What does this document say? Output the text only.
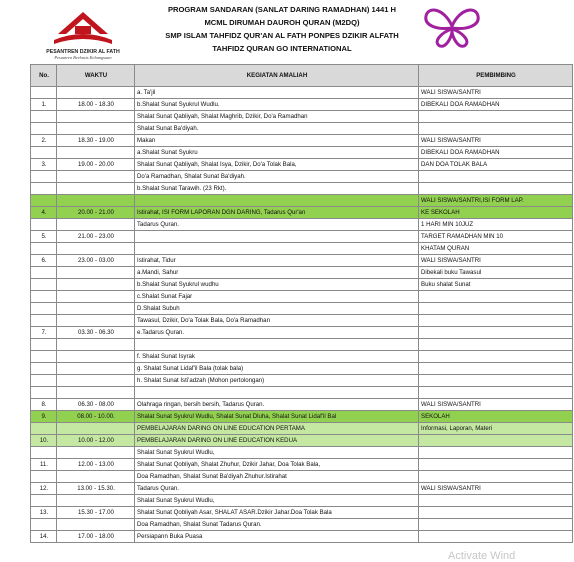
PESANTREN DZIKIR AL FATH
Pesantren Berbasis Kebangsaan
PROGRAM SANDARAN (SANLAT DARING RAMADHAN) 1441 H
MCML DIRUMAH DAUROH QURAN (M2DQ)
SMP ISLAM TAHFIDZ QUR'AN AL FATH PONPES DZIKIR ALFATH
TAHFIDZ QURAN GO INTERNATIONAL
No.	WAKTU	KEGIATAN AMALIAH	PEMBIMBING
		a. Ta'jil	WALI SISWA/SANTRI
1.	18.00 - 18.30	b.Shalat Sunat Syukrul Wudlu.	DIBEKALI DOA RAMADHAN
		Shalat Sunat Qabliyah, Shalat Maghrib, Dzikir, Do'a Ramadhan	
		Shalat Sunat Ba'diyah.	
2.	18.30 - 19.00	Makan	WALI SISWA/SANTRI
		a.Shalat Sunat Syukru	DIBEKALI DOA RAMADHAN
3.	19.00 - 20.00	Shalat Sunat Qabliyah, Shalat Isya, Dzikir, Do'a Tolak Bala,	DAN DOA TOLAK BALA
		Do'a Ramadhan, Shalat Sunat Ba'diyah.	
		b.Shalat Sunat Tarawih. (23 Rkt).	
			WALI SISWA/SANTRI,ISI FORM LAP.
4.	20.00 - 21.00	Istirahat, ISI FORM LAPORAN DGN DARING, Tadarus Qur'an	KE SEKOLAH
		Tadarus Quran.	1 HARI MIN 10JUZ
5.	21.00 - 23.00		TARGET RAMADHAN MIN 10
			KHATAM QURAN
6.	23.00 - 03.00	Istirahat, Tidur	WALI SISWA/SANTRI
		a.Mandi, Sahur	Dibekali buku Tawasul
		b.Shalat Sunat Syukrul wudhu	Buku shalat Sunat
		c.Shalat Sunat Fajar	
		D.Shalat Subuh	
		Tawasul, Dzikir, Do'a Tolak Bala, Do'a Ramadhan	
7.	03.30 - 06.30	e.Tadarus Quran.	

		f. Shalat Sunat Isyrak	
		g. Shalat Sunat Lidaf'il Bala (tolak bala)	
		h. Shalat Sunat Isti'adzah (Mohon pertolongan)	

8.	06.30 - 08.00	Olahraga ringan, bersih bersih, Tadarus Quran.	WALI SISWA/SANTRI
9.	08.00 - 10.00.	Shalat Sunat Syukrul Wudlu, Shalat Sunat Dluha, Shalat Sunat Lidaf'il Bal	SEKOLAH
		PEMBELAJARAN DARING ON LINE EDUCATION PERTAMA	Informasi, Laporan, Materi
10.	10.00 - 12.00	PEMBELAJARAN DARING ON LINE EDUCATION KEDUA	
		Shalat Sunat Syukrul Wudlu,	
11.	12.00 - 13.00	Shalat Sunat Qobliyah, Shalat Zhuhur, Dzikir Jahar, Doa Tolak Bala,	
		Doa Ramadhan, Shalat Sunat Ba'diyah Zhuhur.Istirahat	
12.	13.00 - 15.30.	Tadarus Quran.	WALI SISWA/SANTRI
		Shalat Sunat Syukrul Wudlu,	
13.	15.30 - 17.00	Shalat Sunat Qobliyah Asar, SHALAT ASAR.Dzikir Jahar.Doa Tolak Bala	
		Doa Ramadhan, Shalat Sunat Tadarus Quran.	
14.	17.00 - 18.00	Persiapann Buka Puasa	
Activate Wind
